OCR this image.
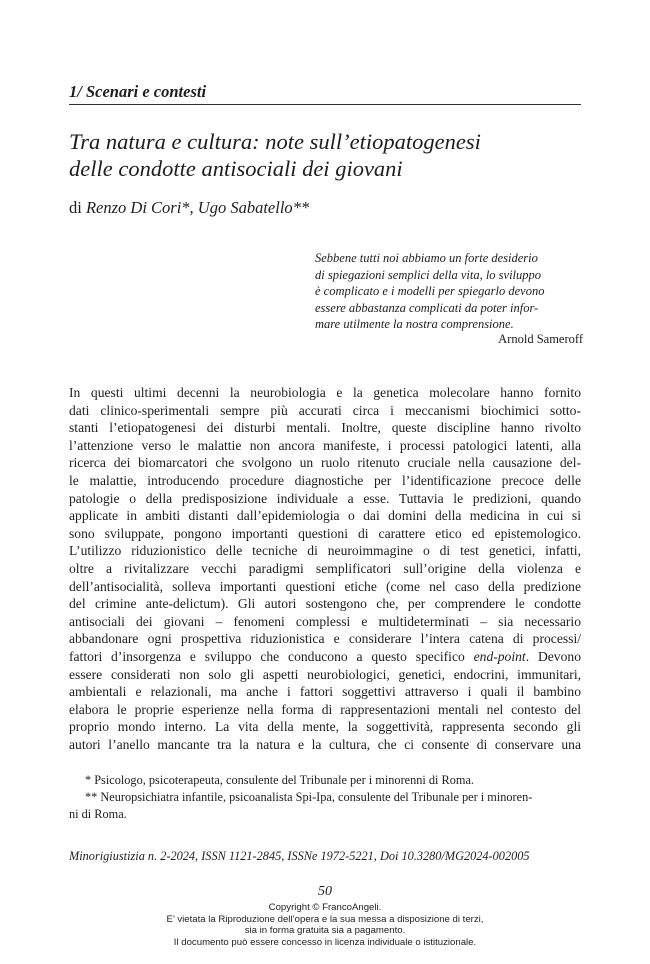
1/ Scenari e contesti
Tra natura e cultura: note sull’etiopatogenesi
delle condotte antisociali dei giovani
di Renzo Di Cori*, Ugo Sabatello**
Sebbene tutti noi abbiamo un forte desiderio
di spiegazioni semplici della vita, lo sviluppo
è complicato e i modelli per spiegarlo devono
essere abbastanza complicati da poter infor-
mare utilmente la nostra comprensione.
Arnold Sameroff
In questi ultimi decenni la neurobiologia e la genetica molecolare hanno fornito
dati clinico-sperimentali sempre più accurati circa i meccanismi biochimici sotto-
stanti l’etiopatogenesi dei disturbi mentali. Inoltre, queste discipline hanno rivolto
l’attenzione verso le malattie non ancora manifeste, i processi patologici latenti, alla
ricerca dei biomarcatori che svolgono un ruolo ritenuto cruciale nella causazione del-
le malattie, introducendo procedure diagnostiche per l’identificazione precoce delle
patologie o della predisposizione individuale a esse. Tuttavia le predizioni, quando
applicate in ambiti distanti dall’epidemiologia o dai domini della medicina in cui si
sono sviluppate, pongono importanti questioni di carattere etico ed epistemologico.
L’utilizzo riduzionistico delle tecniche di neuroimmagine o di test genetici, infatti,
oltre a rivitalizzare vecchi paradigmi semplificatori sull’origine della violenza e
dell’antisocialità, solleva importanti questioni etiche (come nel caso della predizione
del crimine ante-delictum). Gli autori sostengono che, per comprendere le condotte
antisociali dei giovani – fenomeni complessi e multideterminati – sia necessario
abbandonare ogni prospettiva riduzionistica e considerare l’intera catena di processi/
fattori d’insorgenza e sviluppo che conducono a questo specifico end-point. Devono
essere considerati non solo gli aspetti neurobiologici, genetici, endocrini, immunitari,
ambientali e relazionali, ma anche i fattori soggettivi attraverso i quali il bambino
elabora le proprie esperienze nella forma di rappresentazioni mentali nel contesto del
proprio mondo interno. La vita della mente, la soggettività, rappresenta secondo gli
autori l’anello mancante tra la natura e la cultura, che ci consente di conservare una
* Psicologo, psicoterapeuta, consulente del Tribunale per i minorenni di Roma.
** Neuropsichiatra infantile, psicoanalista Spi-Ipa, consulente del Tribunale per i minoren-
ni di Roma.
Minorigiustizia n. 2-2024, ISSN 1121-2845, ISSNe 1972-5221, Doi 10.3280/MG2024-002005
50
Copyright © FrancoAngeli.
E’ vietata la Riproduzione dell’opera e la sua messa a disposizione di terzi,
sia in forma gratuita sia a pagamento.
Il documento può essere concesso in licenza individuale o istituzionale.
